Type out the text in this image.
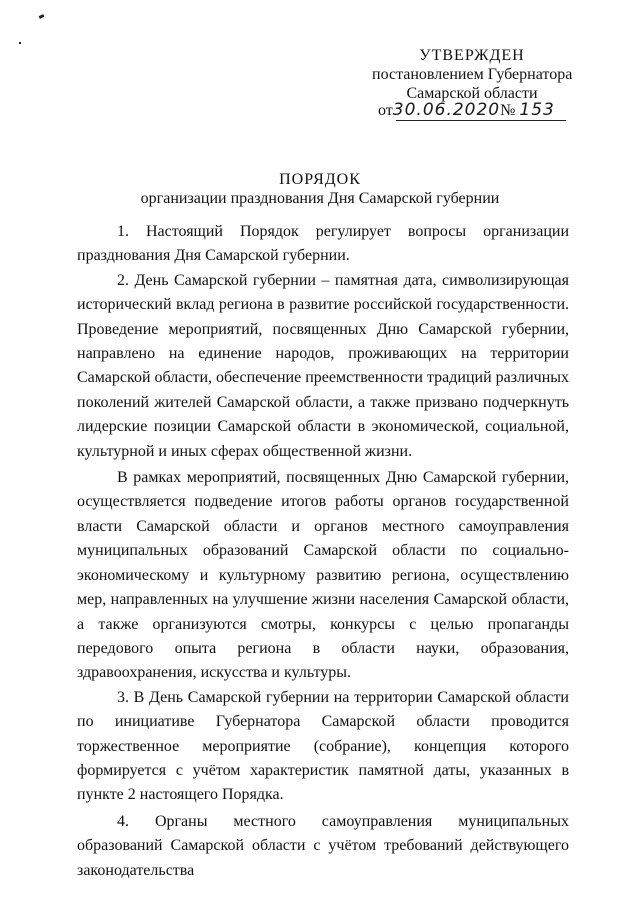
УТВЕРЖДЕН
постановлением Губернатора
Самарской области
от30.06.2020№ 153
ПОРЯДОК
организации празднования Дня Самарской губернии

1. Настоящий Порядок регулирует вопросы организации празднования Дня Самарской губернии.

2. День Самарской губернии – памятная дата, символизирующая исторический вклад региона в развитие российской государственности. Проведение мероприятий, посвященных Дню Самарской губернии, направлено на единение народов, проживающих на территории Самарской области, обеспечение преемственности традиций различных поколений жителей Самарской области, а также призвано подчеркнуть лидерские позиции Самарской области в экономической, социальной, культурной и иных сферах общественной жизни.

В рамках мероприятий, посвященных Дню Самарской губернии, осуществляется подведение итогов работы органов государственной власти Самарской области и органов местного самоуправления муниципальных образований Самарской области по социально-экономическому и культурному развитию региона, осуществлению мер, направленных на улучшение жизни населения Самарской области, а также организуются смотры, конкурсы с целью пропаганды передового опыта региона в области науки, образования, здравоохранения, искусства и культуры.

3. В День Самарской губернии на территории Самарской области по инициативе Губернатора Самарской области проводится торжественное мероприятие (собрание), концепция которого формируется с учётом характеристик памятной даты, указанных в пункте 2 настоящего Порядка.

4. Органы местного самоуправления муниципальных образований Самарской области с учётом требований действующего законодательства
